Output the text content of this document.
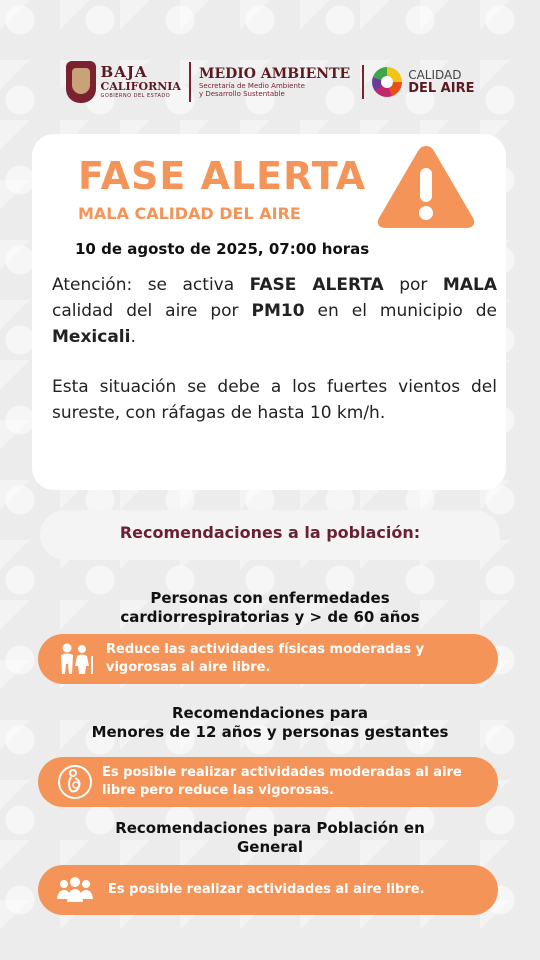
BAJA
CALIFORNIA
GOBIERNO DEL ESTADO
MEDIO AMBIENTE
Secretaría de Medio Ambiente
y Desarrollo Sustentable
CALIDAD
DEL AIRE
FASE ALERTA
MALA CALIDAD DEL AIRE
10 de agosto de 2025, 07:00 horas
Atención: se activa FASE ALERTA por MALA calidad del aire por PM10 en el municipio de Mexicali.
Esta situación se debe a los fuertes vientos del sureste, con ráfagas de hasta 10 km/h.
Recomendaciones a la población:
Personas con enfermedades
cardiorrespiratorias y > de 60 años
Reduce las actividades físicas moderadas y
vigorosas al aire libre.
Recomendaciones para
Menores de 12 años y personas gestantes
Es posible realizar actividades moderadas al aire
libre pero reduce las vigorosas.
Recomendaciones para Población en
General
Es posible realizar actividades al aire libre.
